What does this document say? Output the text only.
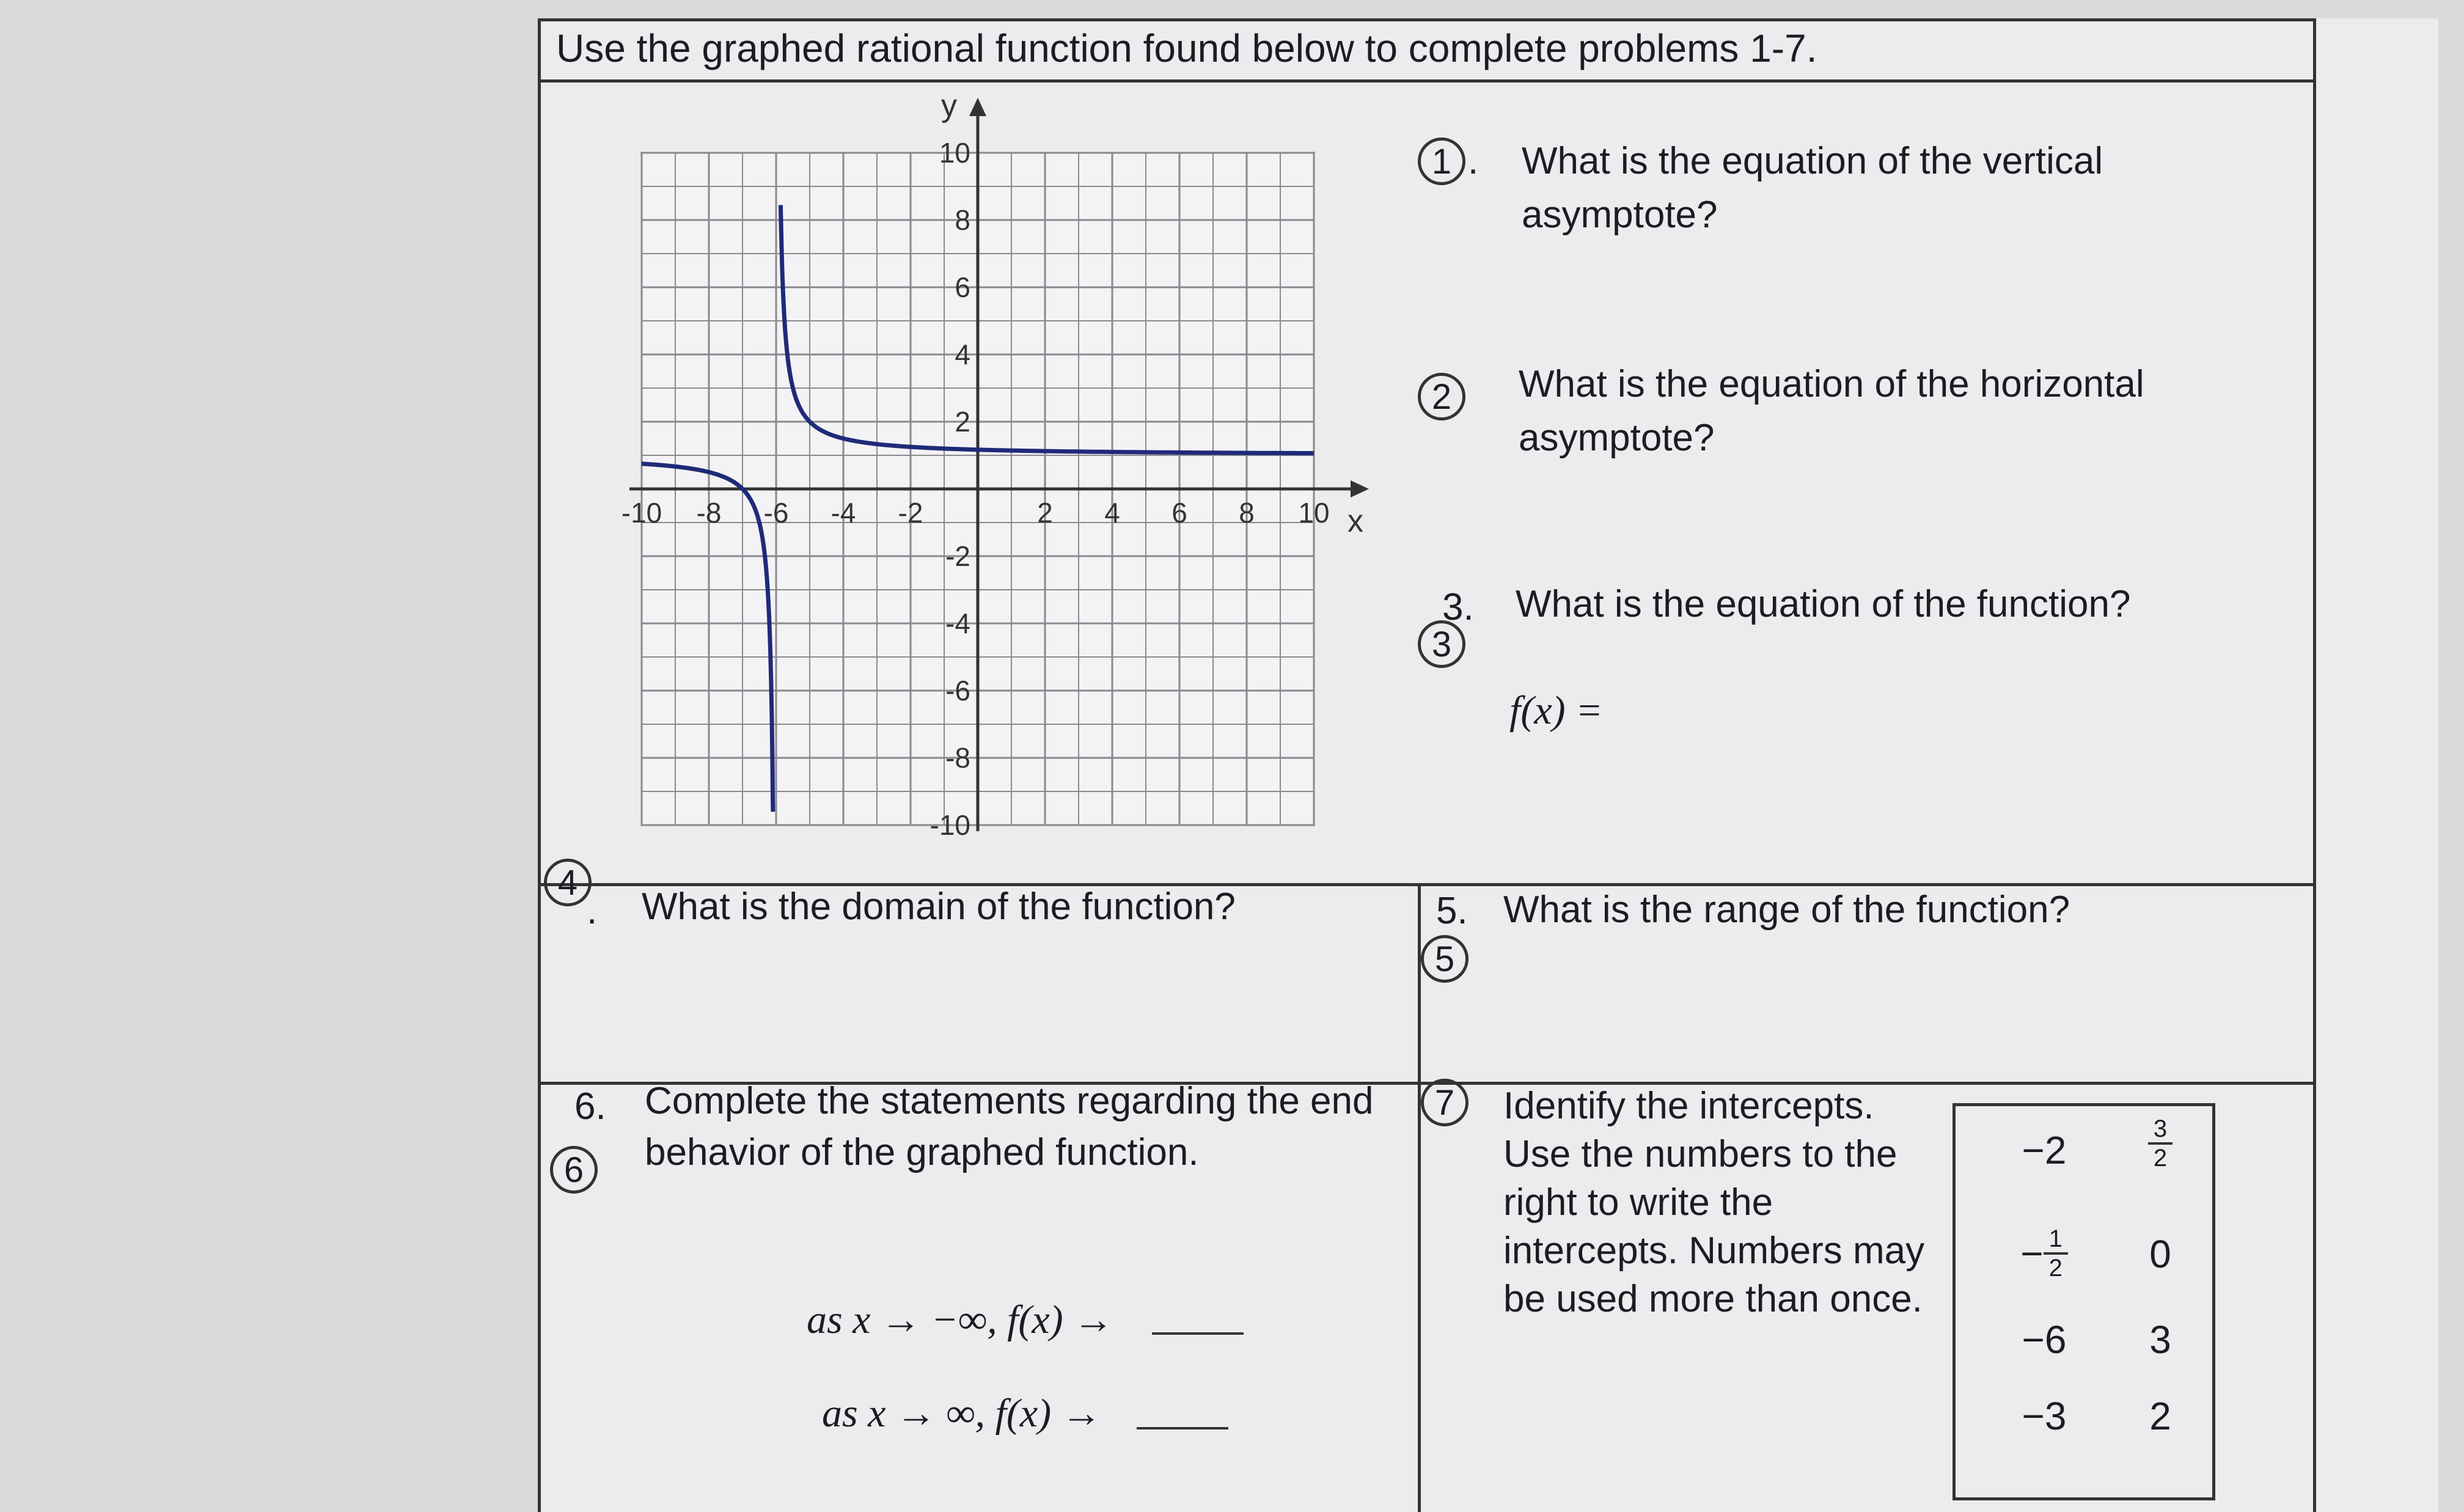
Use the graphed rational function found below to complete problems 1-7.
x
y
-10 -8 -6 -4 -2	2 4 6 8 10
10
8
6
4
2
-2
-4
-6
-8
-10
1 . What is the equation of the vertical
asymptote?
2 What is the equation of the horizontal
asymptote?
3.
3
What is the equation of the function?
f(x) =
4
. What is the domain of the function?	5.
5
What is the range of the function?
6.
6
Complete the statements regarding the end
behavior of the graphed function.
as x → −∞, f(x) →
as x → ∞, f(x) →
7 Identify the intercepts.
Use the numbers to the
right to write the
intercepts. Numbers may
be used more than once.
−2	$\frac{3}{2}$
− $\frac{1}{2}$	0
−6	3
−3	2
